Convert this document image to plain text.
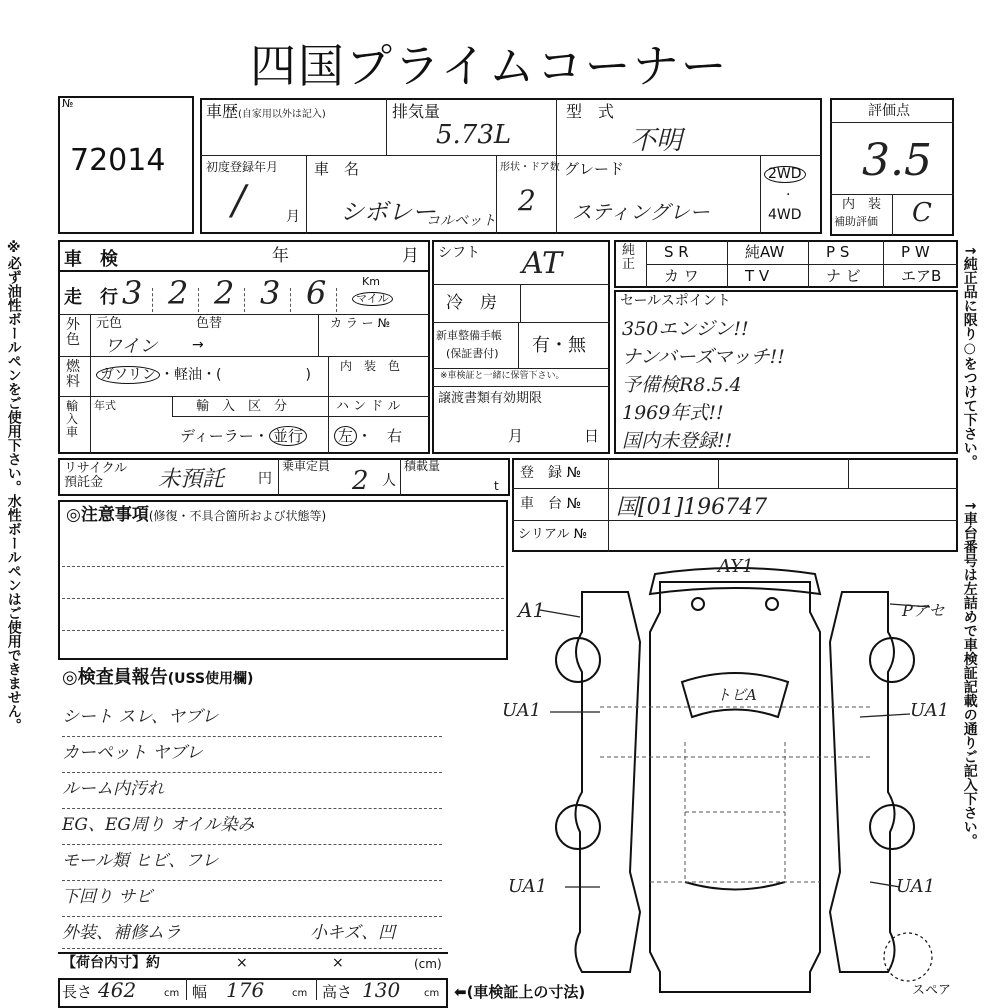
四国プライムコーナー
※必ず油性ボールペンをご使用下さい。水性ボールペンはご使用できません。	↑純正品に限り○をつけて下さい。
↑車台番号は左詰めで車検証記載の通りご記入下さい。
№
72014
車歴(自家用以外は記入)	排気量
5.73L
型　式
不明
初度登録年月
/	月
車　名
シボレー
コルベット
形状・ドア数
2
グレード
スティングレー
2WD
·
4WD
評価点
3.5
内　装
補助評価 C
車　検	年	月
走　行 3 2 2 3 6	Km
マイル
外色
元色	色替
ワイン →
カ ラ ー №
燃料 ガソリン ・軽油・(　　　　　　)
内　装　色
輸入車
年式	輸　入　区　分	ハ ン ド ル
ディーラー・ 並行 左 ・　 右
シフト AT
冷　房
新車整備手帳
(保証書付) 有・無
※車検証と一緒に保管下さい。
譲渡書類有効期限
月	日
純正
セールスポイント
リサイクル預託金	未預託 円
乗車定員 2 人
積載量
t
登　録 №
車　台 № 国[01]196747
シリアル №
◎注意事項(修復・不具合箇所および状態等)
◎検査員報告(USS使用欄)
【荷台内寸】約	×	×	(cm)
長さ 462	cm 幅 176	cm 高さ 130 cm ⬅(車検証上の寸法)
AY1
A1	Pアセ
UA1	UA1
トビA
UA1	UA1
スペア
S R	純AW	P S	P W
カ ワ	T V	ナ ビ	エアB
350エンジン!!
ナンバーズマッチ!!
予備検R8.5.4
1969年式!!
国内未登録!!
シート スレ、ヤブレ
カーペット ヤブレ
ルーム内汚れ
EG、EG周り オイル染み
モール類 ヒビ、フレ
下回り サビ
外装、補修ムラ	小キズ、凹
